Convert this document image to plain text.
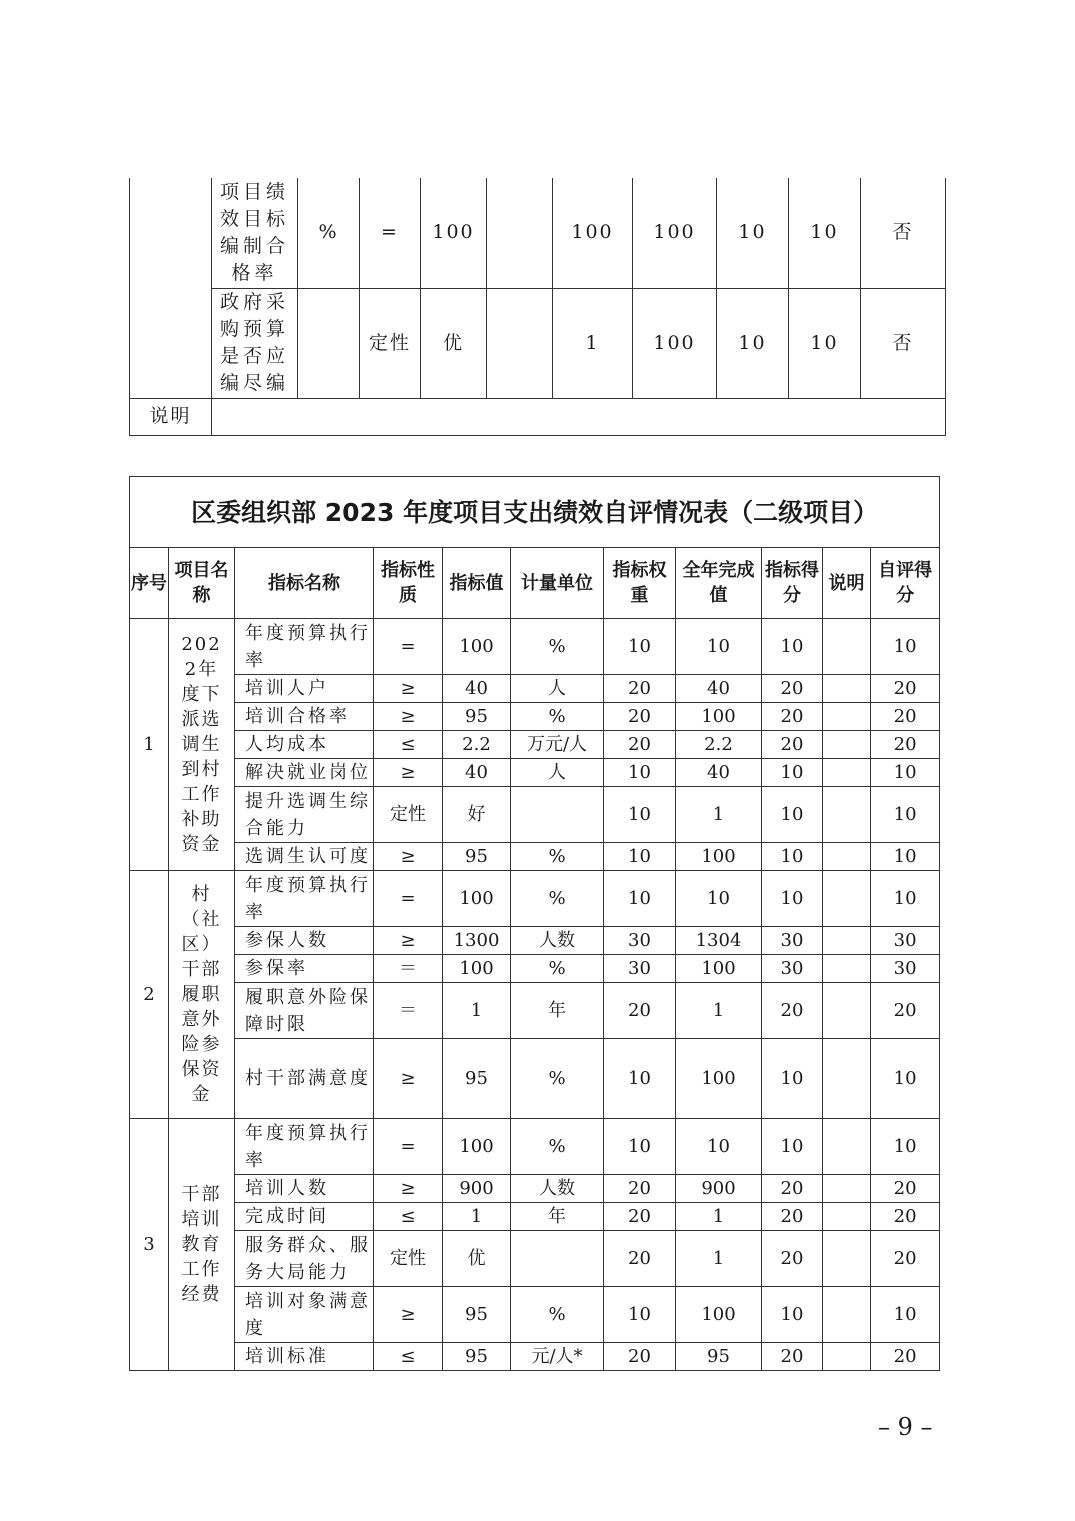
	项目绩效目标编制合格率	%	=	100		100	100	10	10	否
	政府采购预算是否应编尽编		定性	优		1	100	10	10	否
说明										
区委组织部 2023 年度项目支出绩效自评情况表（二级项目）										
序号	项目名称	指标名称	指标性质	指标值	计量单位	指标权重	全年完成值	指标得分	说明	自评得分
1	2022年度下派选调生到村工作补助资金	年度预算执行率	=	100	%	10	10	10		10
		培训人户	≥	40	人	20	40	20		20
		培训合格率	≥	95	%	20	100	20		20
		人均成本	≤	2.2	万元/人	20	2.2	20		20
		解决就业岗位	≥	40	人	10	40	10		10
		提升选调生综合能力	定性	好		10	1	10		10
		选调生认可度	≥	95	%	10	100	10		10
2	村（社区）干部履职意外险参保资金	年度预算执行率	=	100	%	10	10	10		10
		参保人数	≥	1300	人数	30	1304	30		30
		参保率	＝	100	%	30	100	30		30
		履职意外险保障时限	＝	1	年	20	1	20		20
		村干部满意度	≥	95	%	10	100	10		10
3	干部培训教育工作经费	年度预算执行率	=	100	%	10	10	10		10
		培训人数	≥	900	人数	20	900	20		20
		完成时间	≤	1	年	20	1	20		20
		服务群众、服务大局能力	定性	优		20	1	20		20
		培训对象满意度	≥	95	%	10	100	10		10
		培训标准	≤	95	元/人*	20	95	20		20
– 9 –
